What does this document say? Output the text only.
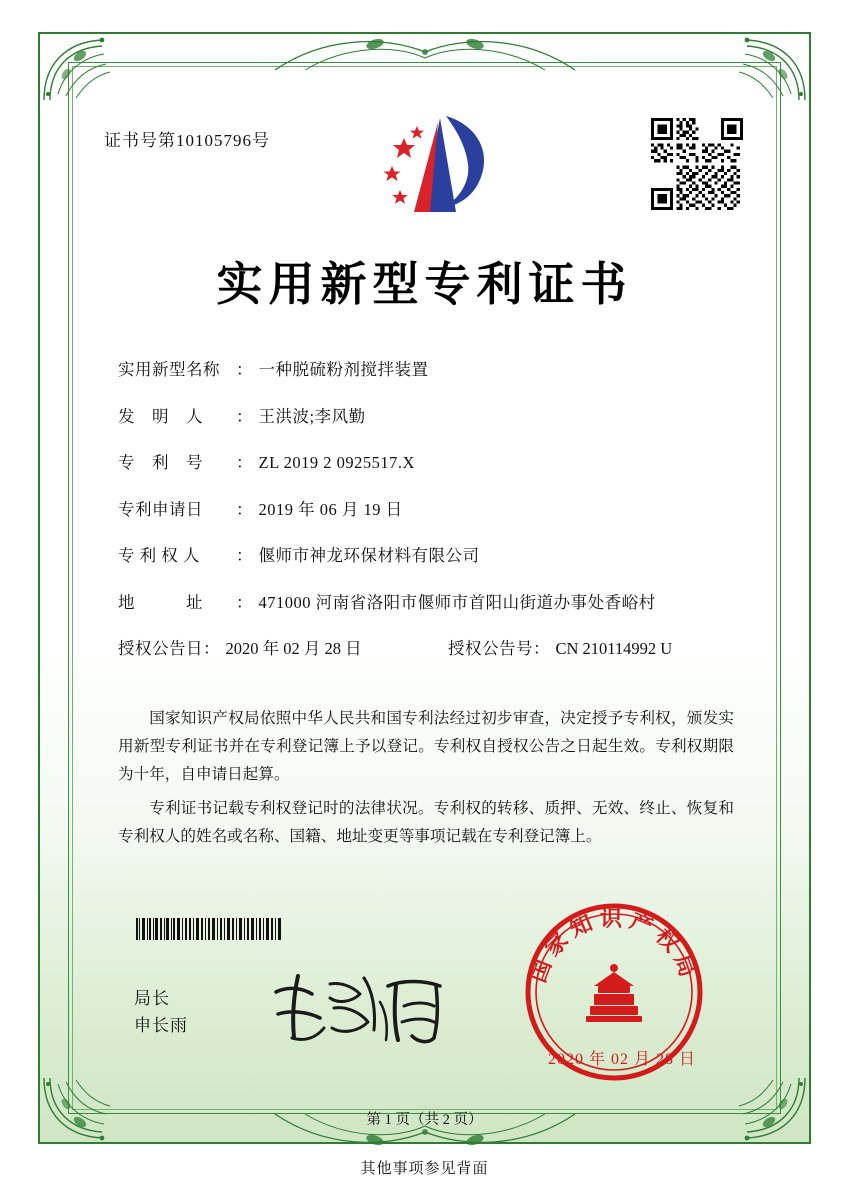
证书号第10105796号
实用新型专利证书
实用新型名称 ： 一种脱硫粉剂搅拌装置
发　明　人	： 王洪波;李风勤
专　利　号	： ZL 2019 2 0925517.X
专利申请日	： 2019 年 06 月 19 日
专 利 权 人	： 偃师市神龙环保材料有限公司
地　　　址	： 471000 河南省洛阳市偃师市首阳山街道办事处香峪村
授权公告日 ： 2020 年 02 月 28 日	授权公告号 ： CN 210114992 U

国家知识产权局依照中华人民共和国专利法经过初步审查，决定授予专利权，颁发实用新型专利证书并在专利登记簿上予以登记。专利权自授权公告之日起生效。专利权期限为十年，自申请日起算。

专利证书记载专利权登记时的法律状况。专利权的转移、质押、无效、终止、恢复和专利权人的姓名或名称、国籍、地址变更等事项记载在专利登记簿上。

局长
申长雨
国家知识产权局
2020 年 02 月 28 日
第 1 页（共 2 页）
其他事项参见背面
